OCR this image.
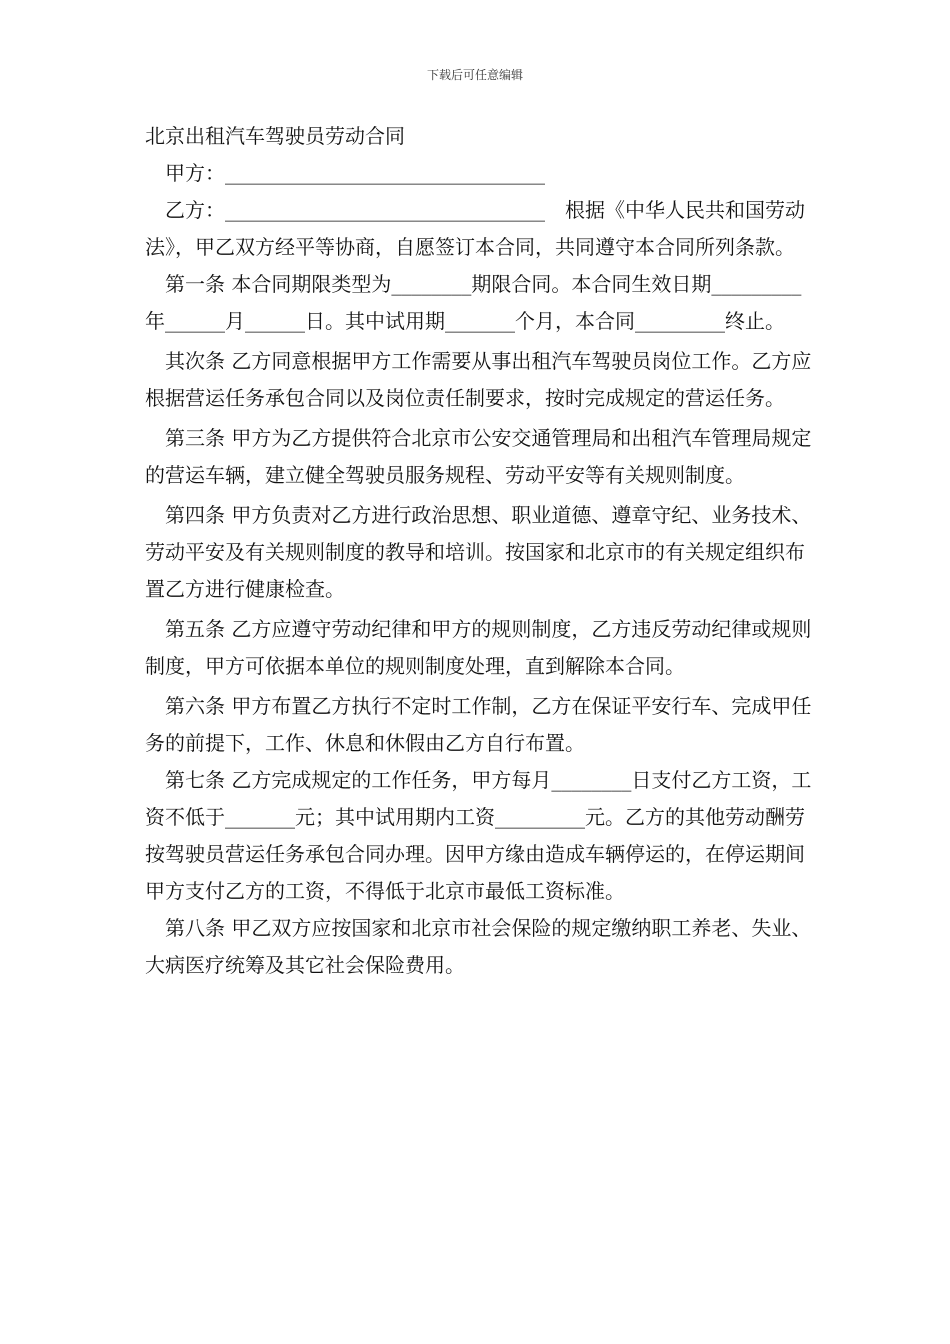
下载后可任意编辑

北京出租汽车驾驶员劳动合同

甲方：________________________________

乙方：________________________________　根据《中华人民共和国劳动法》，甲乙双方经平等协商，自愿签订本合同，共同遵守本合同所列条款。

第一条 本合同期限类型为________期限合同。本合同生效日期_________年______月______日。其中试用期_______个月，本合同_________终止。

其次条 乙方同意根据甲方工作需要从事出租汽车驾驶员岗位工作。乙方应根据营运任务承包合同以及岗位责任制要求，按时完成规定的营运任务。

第三条 甲方为乙方提供符合北京市公安交通管理局和出租汽车管理局规定的营运车辆，建立健全驾驶员服务规程、劳动平安等有关规则制度。

第四条 甲方负责对乙方进行政治思想、职业道德、遵章守纪、业务技术、劳动平安及有关规则制度的教导和培训。按国家和北京市的有关规定组织布置乙方进行健康检查。

第五条 乙方应遵守劳动纪律和甲方的规则制度，乙方违反劳动纪律或规则制度，甲方可依据本单位的规则制度处理，直到解除本合同。

第六条 甲方布置乙方执行不定时工作制，乙方在保证平安行车、完成甲任务的前提下，工作、休息和休假由乙方自行布置。

第七条 乙方完成规定的工作任务，甲方每月________日支付乙方工资，工资不低于_______元；其中试用期内工资_________元。乙方的其他劳动酬劳按驾驶员营运任务承包合同办理。因甲方缘由造成车辆停运的，在停运期间甲方支付乙方的工资，不得低于北京市最低工资标准。

第八条 甲乙双方应按国家和北京市社会保险的规定缴纳职工养老、失业、大病医疗统筹及其它社会保险费用。
